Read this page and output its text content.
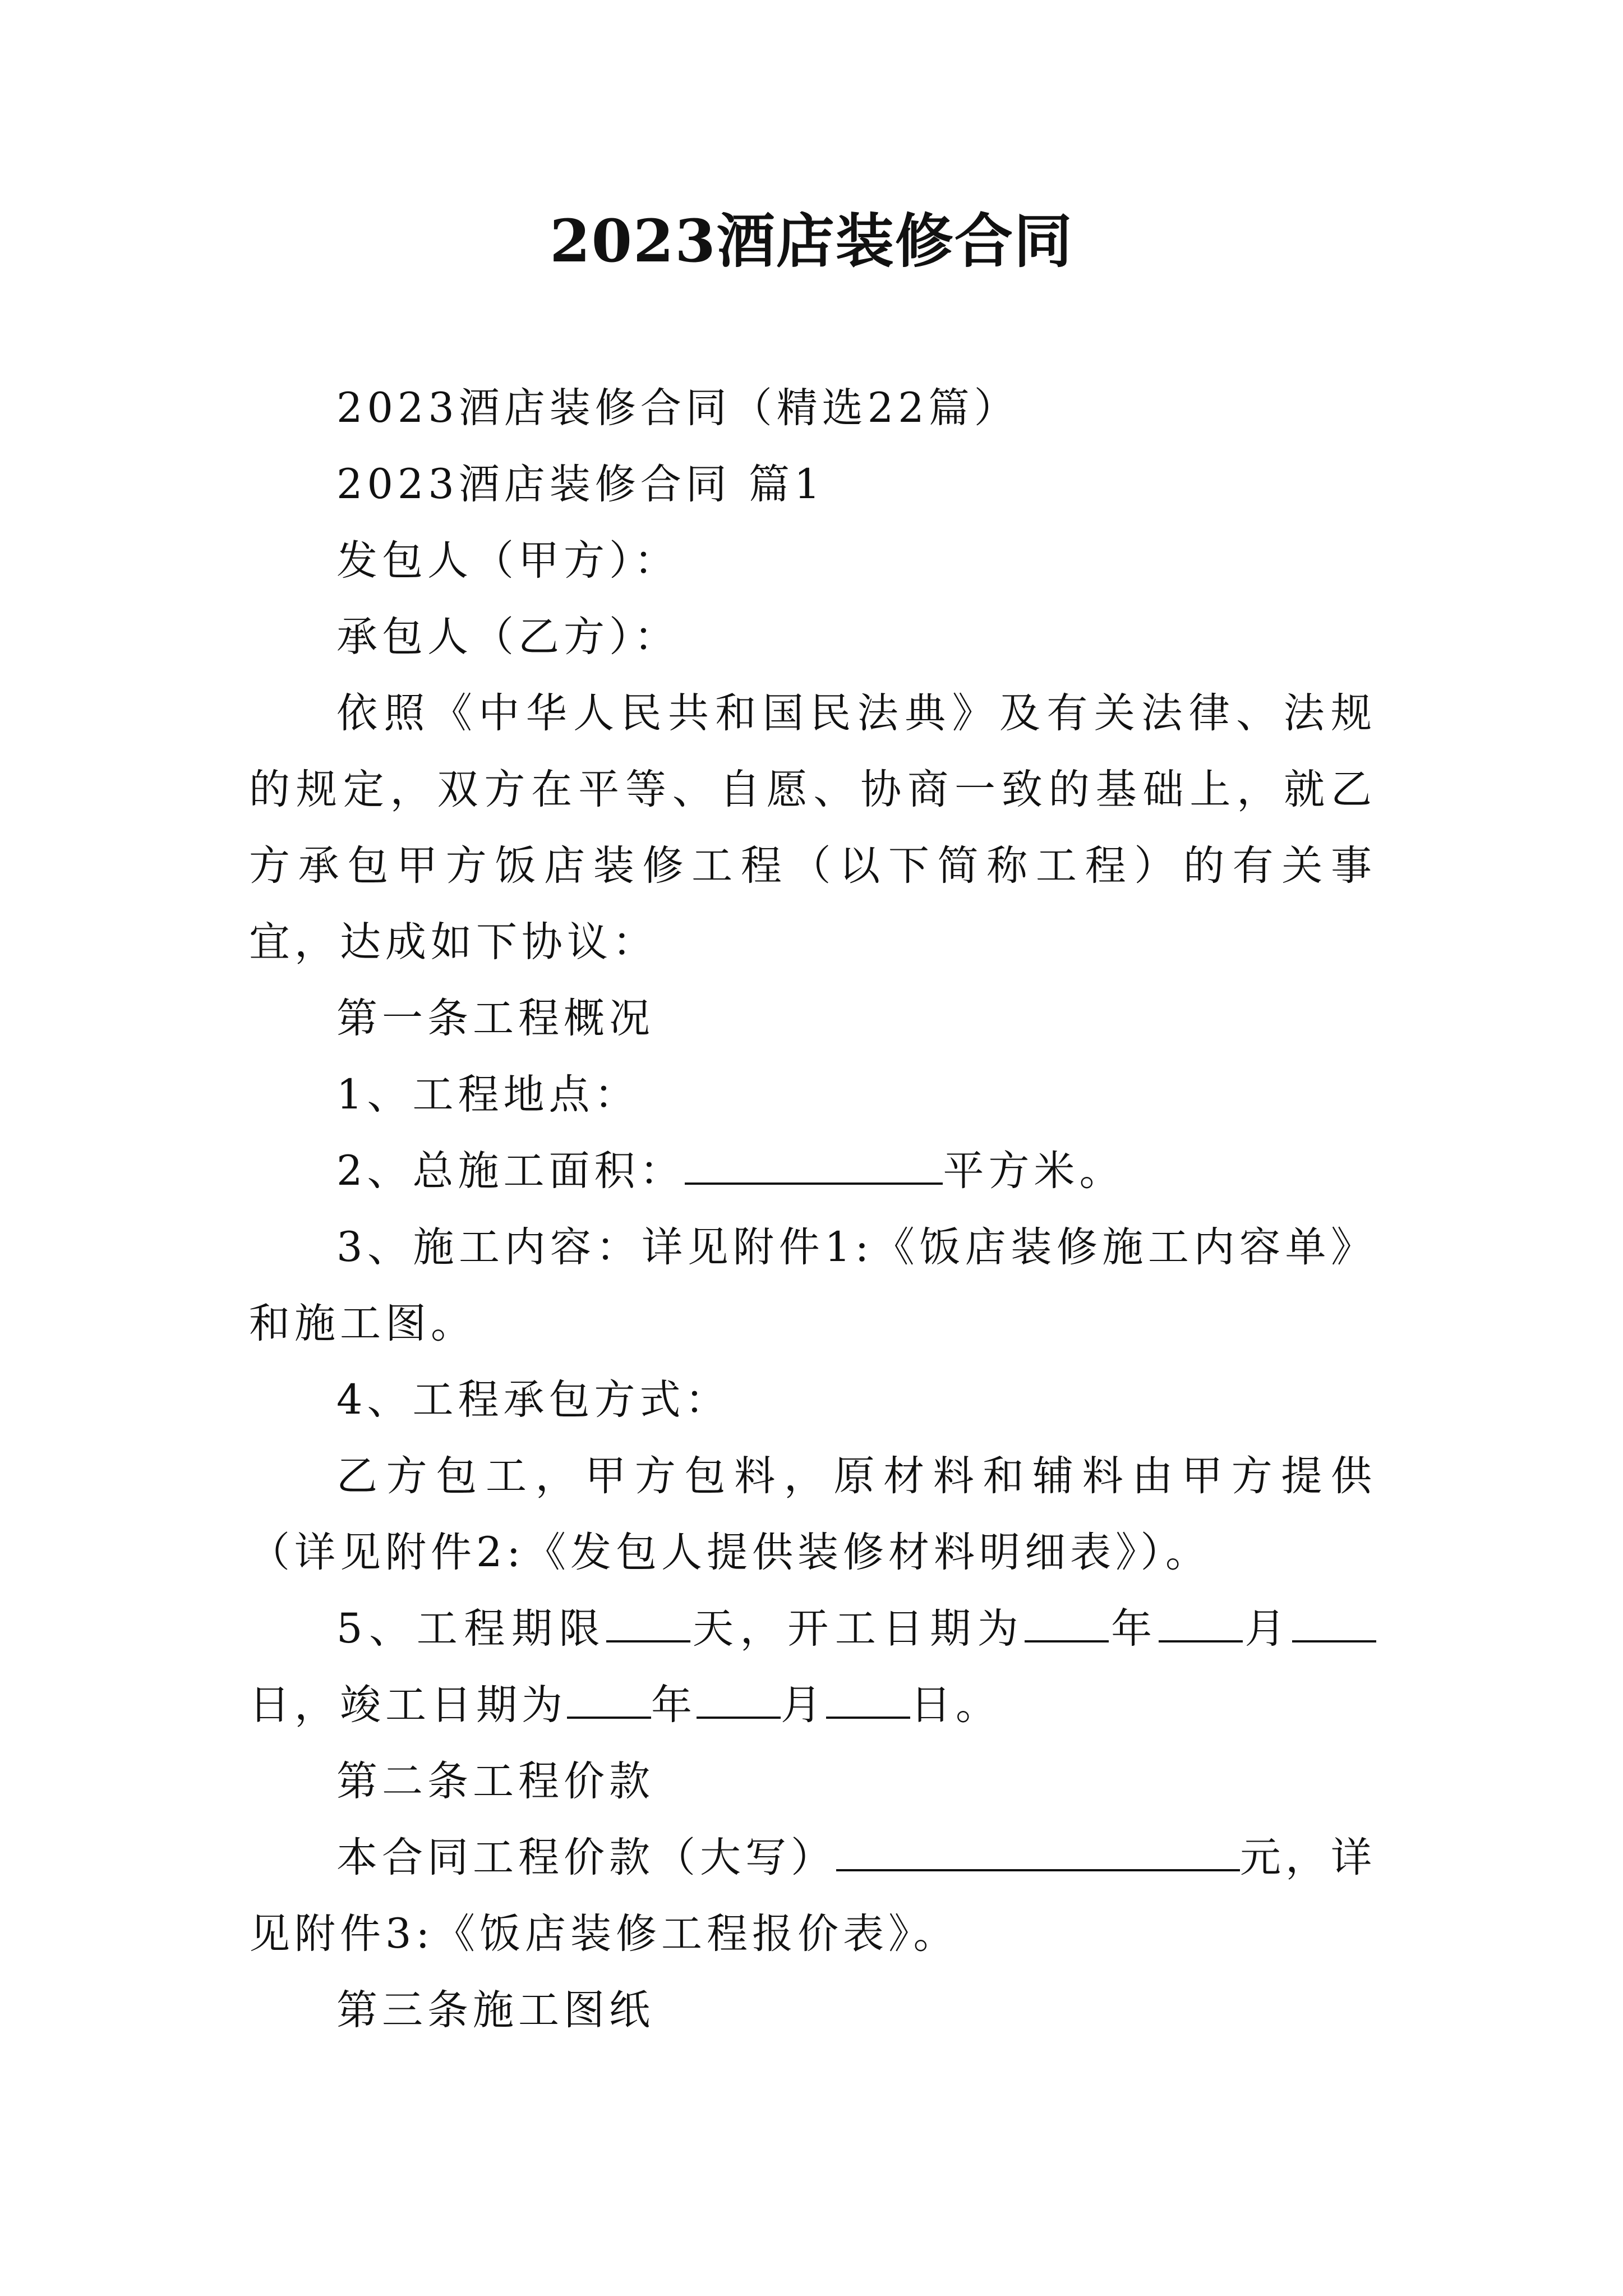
2023酒店装修合同

2023酒店装修合同（精选22篇）

2023酒店装修合同 篇1

发包人（甲方）：

承包人（乙方）：

依照《中华人民共和国民法典》及有关法律、法规的规定，双方在平等、自愿、协商一致的基础上，就乙方承包甲方饭店装修工程（以下简称工程）的有关事宜，达成如下协议：

第一条工程概况

1、工程地点：

2、总施工面积：	平方米。

3、施工内容：详见附件1:《饭店装修施工内容单》和施工图。

4、工程承包方式：

乙方包工，甲方包料，原材料和辅料由甲方提供（详见附件2:《发包人提供装修材料明细表》）。

5、工程期限 天，开工日期为 年 月日，竣工日期为 年 月 日。

第二条工程价款

本合同工程价款（大写）	元，详见附件3:《饭店装修工程报价表》。

第三条施工图纸
